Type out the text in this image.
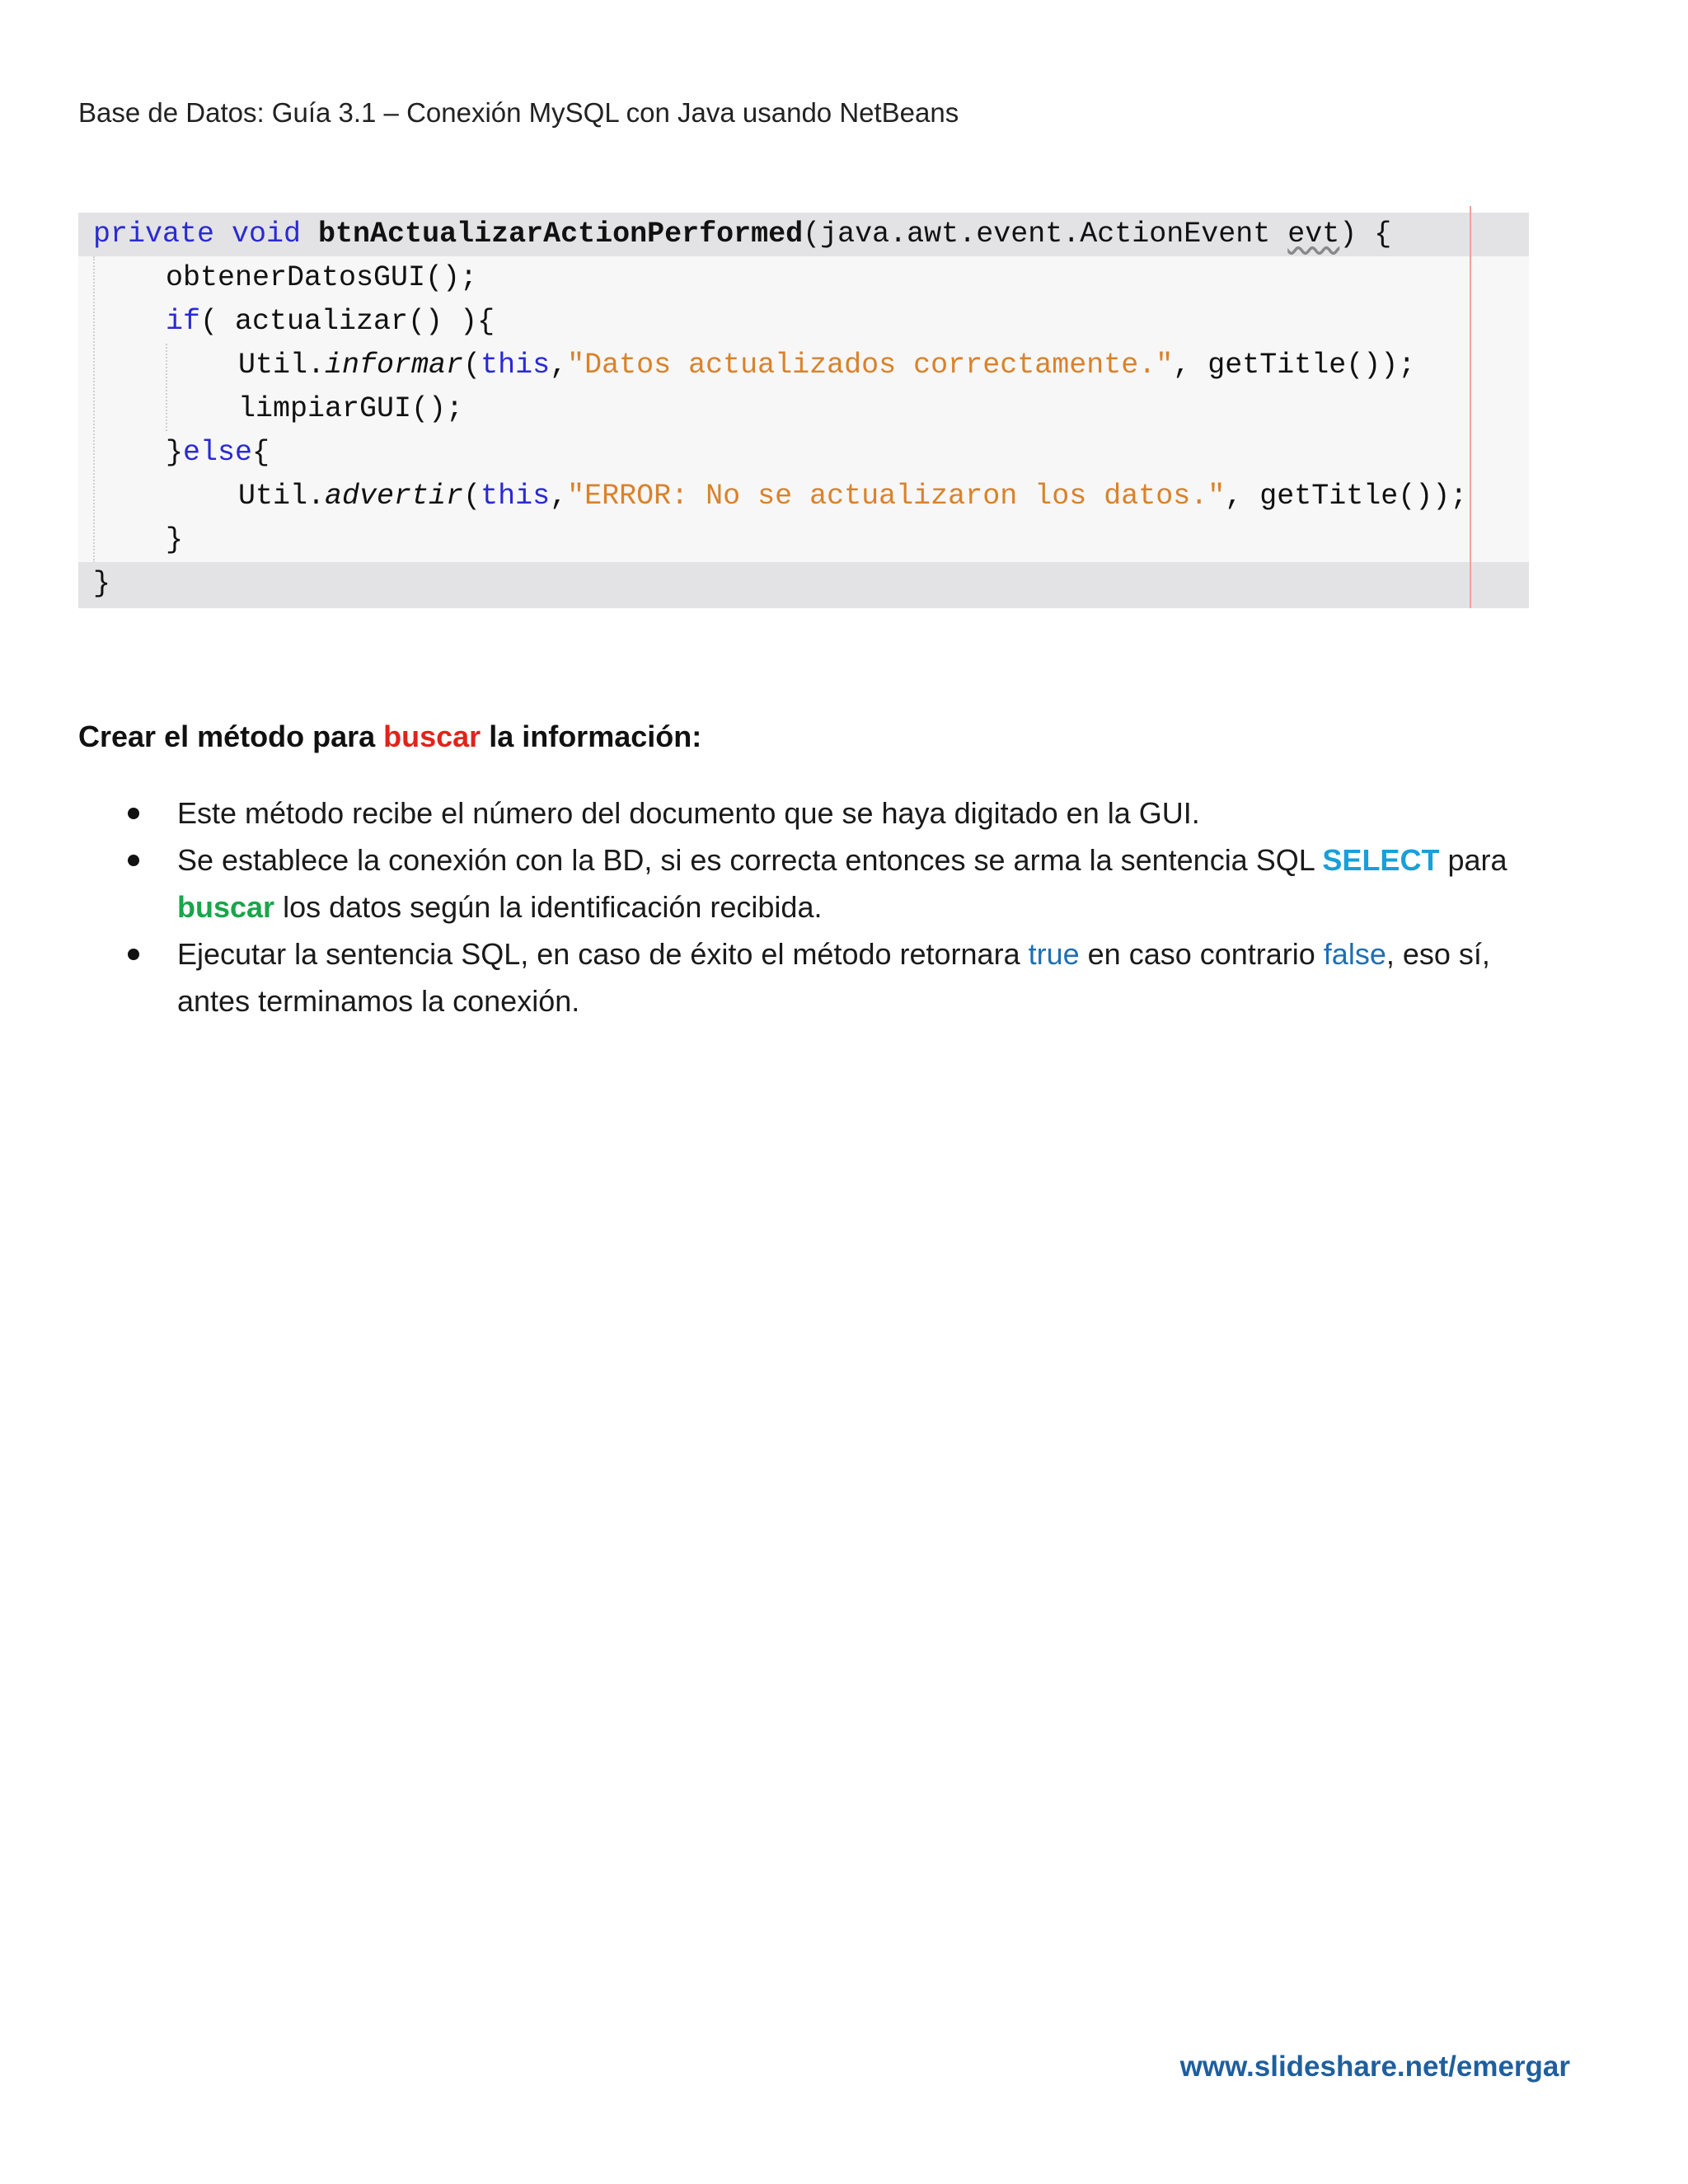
Base de Datos: Guía 3.1 – Conexión MySQL con Java usando NetBeans

private void btnActualizarActionPerformed(java.awt.event.ActionEvent evt) {

obtenerDatosGUI();

if( actualizar() ){

Util.informar(this,"Datos actualizados correctamente.", getTitle());

limpiarGUI();

}else{

Util.advertir(this,"ERROR: No se actualizaron los datos.", getTitle());

}

}

Crear el método para buscar la información:
Este método recibe el número del documento que se haya digitado en la GUI.
Se establece la conexión con la BD, si es correcta entonces se arma la sentencia SQL SELECT para
buscar los datos según la identificación recibida.
Ejecutar la sentencia SQL, en caso de éxito el método retornara true en caso contrario false, eso sí, antes terminamos la conexión.
www.slideshare.net/emergar
